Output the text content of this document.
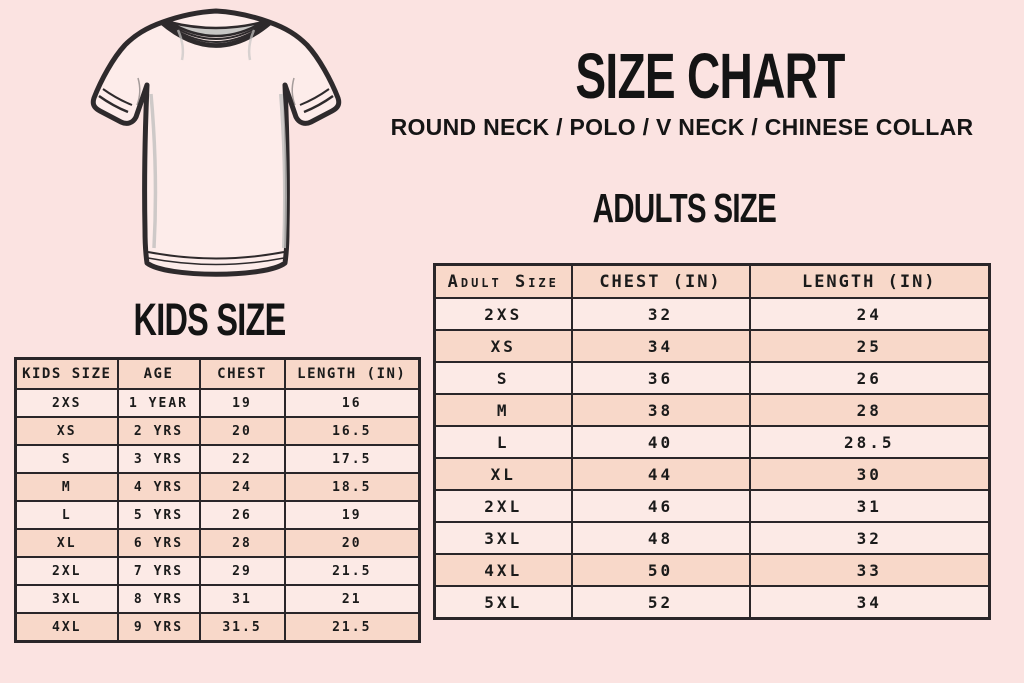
SIZE CHART
ROUND NECK / POLO / V NECK / CHINESE COLLAR
ADULTS SIZE
KIDS SIZE
Adult Size	CHEST (IN)	LENGTH (IN)
2XS	32	24
XS	34	25
S	36	26
M	38	28
L	40	28.5
XL	44	30
2XL	46	31
3XL	48	32
4XL	50	33
5XL	52	34
KIDS SIZE	AGE	CHEST	LENGTH (IN)
2XS	1 YEAR	19	16
XS	2 YRS	20	16.5
S	3 YRS	22	17.5
M	4 YRS	24	18.5
L	5 YRS	26	19
XL	6 YRS	28	20
2XL	7 YRS	29	21.5
3XL	8 YRS	31	21
4XL	9 YRS	31.5	21.5
